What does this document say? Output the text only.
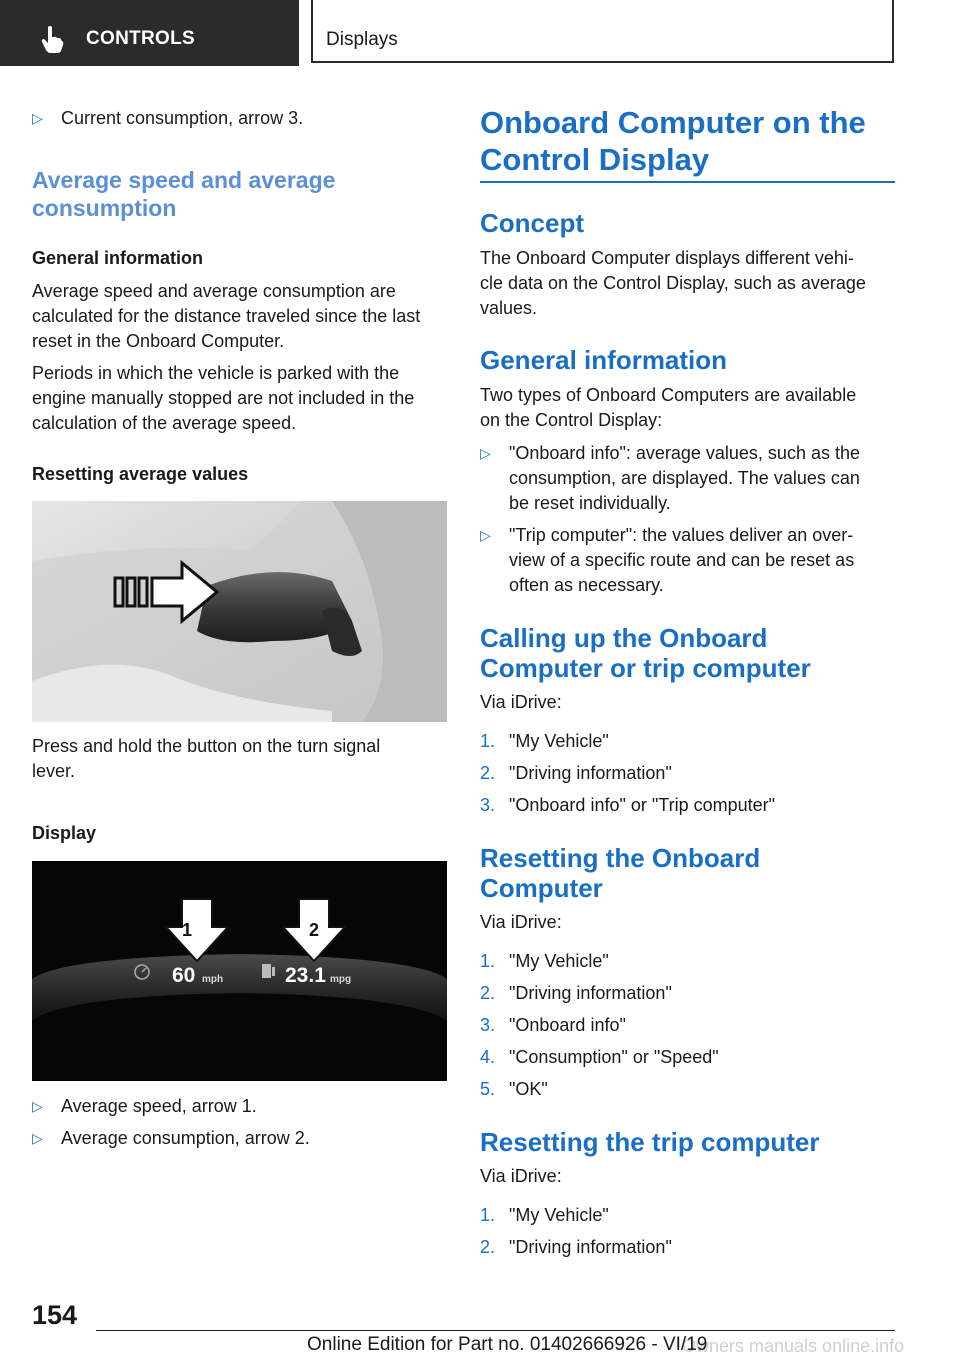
CONTROLS	Displays
▷ Current consumption, arrow 3.
Average speed and average
consumption
General information
Average speed and average consumption are
calculated for the distance traveled since the last
reset in the Onboard Computer.
Periods in which the vehicle is parked with the
engine manually stopped are not included in the
calculation of the average speed.
Resetting average values
Press and hold the button on the turn signal
lever.
Display
1	2
60 mph	23.1 mpg
▷ Average speed, arrow 1.
▷ Average consumption, arrow 2.
Onboard Computer on the
Control Display
Concept
The Onboard Computer displays different vehi‐
cle data on the Control Display, such as average
values.
General information
Two types of Onboard Computers are available
on the Control Display:
▷ "Onboard info": average values, such as the
consumption, are displayed. The values can
be reset individually.
▷ "Trip computer": the values deliver an over‐
view of a specific route and can be reset as
often as necessary.
Calling up the Onboard
Computer or trip computer
Via iDrive:
1. "My Vehicle"
2. "Driving information"
3. "Onboard info" or "Trip computer"
Resetting the Onboard
Computer
Via iDrive:
1. "My Vehicle"
2. "Driving information"
3. "Onboard info"
4. "Consumption" or "Speed"
5. "OK"
Resetting the trip computer
Via iDrive:
1. "My Vehicle"
2. "Driving information"
154
Owners manuals online.info
Online Edition for Part no. 01402666926 - VI/19
